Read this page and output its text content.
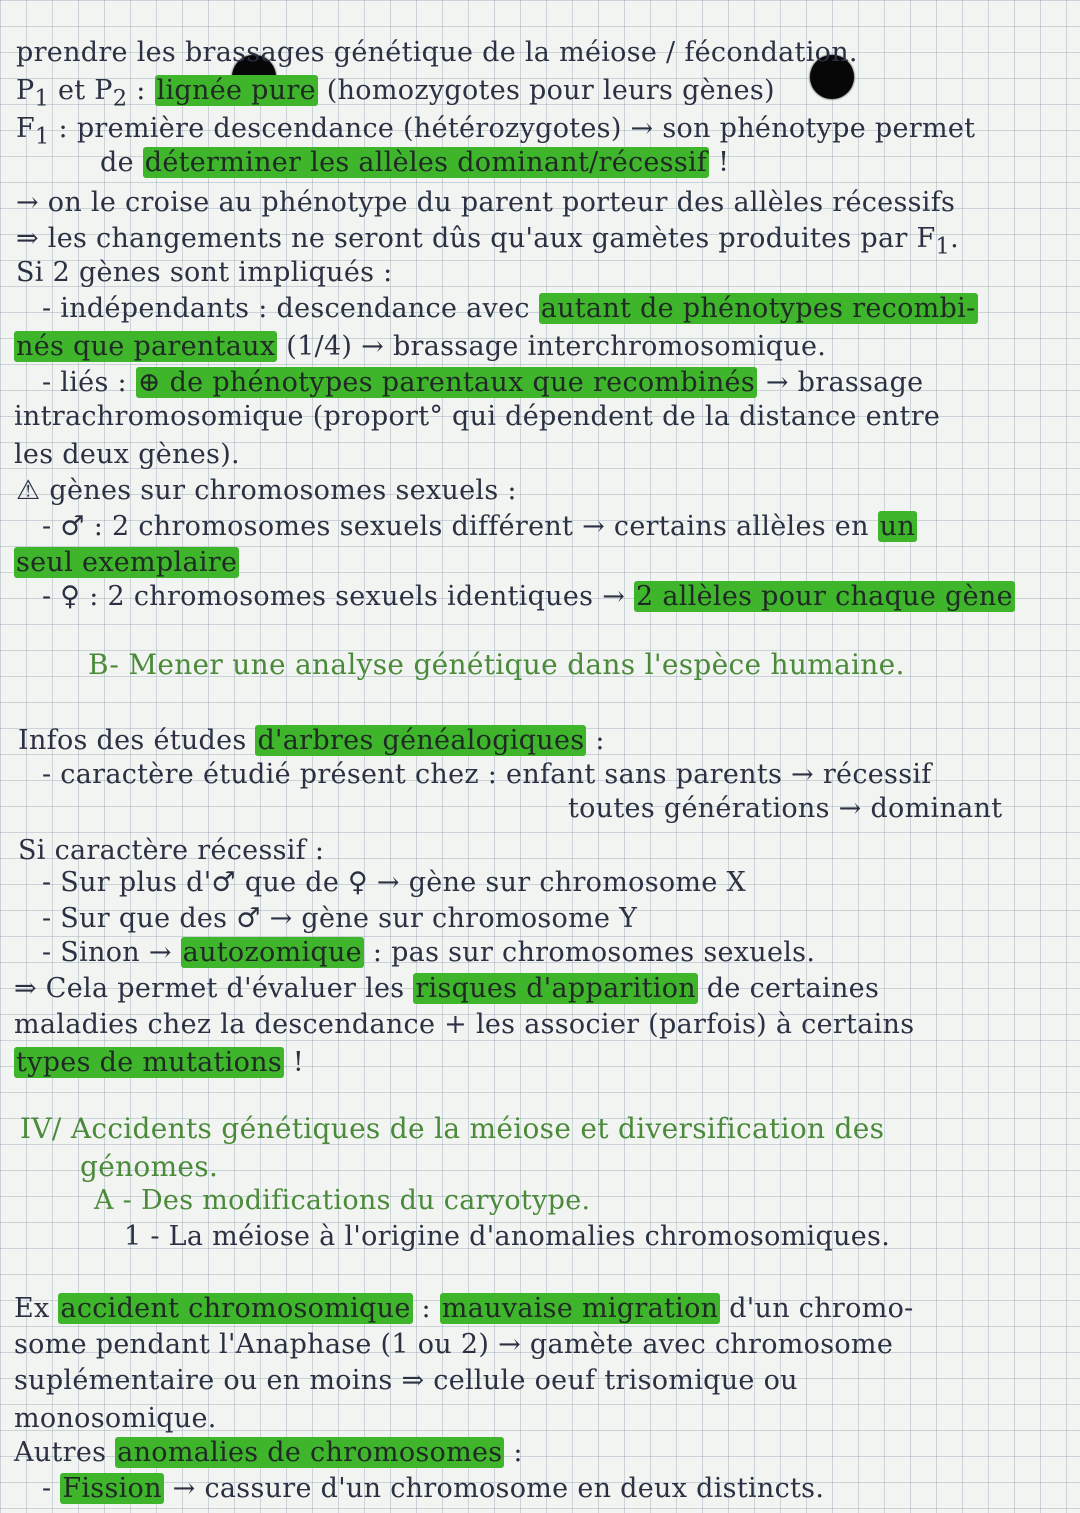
prendre les brassages génétique de la méiose / fécondation.
$P_1$ et $P_2$ : lignée pure (homozygotes pour leurs gènes)
$F_1$ : première descendance (hétérozygotes) → son phénotype permet
de déterminer les allèles dominant/récessif !
→ on le croise au phénotype du parent porteur des allèles récessifs
⇒ les changements ne seront dûs qu'aux gamètes produites par $F_1$.
Si 2 gènes sont impliqués :
- indépendants : descendance avec autant de phénotypes recombi-
nés que parentaux (1/4) → brassage interchromosomique.
- liés : ⊕ de phénotypes parentaux que recombinés → brassage
intrachromosomique (proport° qui dépendent de la distance entre
les deux gènes).
⚠ gènes sur chromosomes sexuels :
- ♂ : 2 chromosomes sexuels différent → certains allèles en un
seul exemplaire
- ♀ : 2 chromosomes sexuels identiques → 2 allèles pour chaque gène
B- Mener une analyse génétique dans l'espèce humaine.
Infos des études d'arbres généalogiques :
- caractère étudié présent chez : enfant sans parents → récessif
toutes générations → dominant
Si caractère récessif :
- Sur plus d'♂ que de ♀ → gène sur chromosome X
- Sur que des ♂ → gène sur chromosome Y
- Sinon → autozomique : pas sur chromosomes sexuels.
⇒ Cela permet d'évaluer les risques d'apparition de certaines
maladies chez la descendance + les associer (parfois) à certains
types de mutations !
IV/ Accidents génétiques de la méiose et diversification des
génomes.
A - Des modifications du caryotype.
1 - La méiose à l'origine d'anomalies chromosomiques.
Ex accident chromosomique : mauvaise migration d'un chromo-
some pendant l'Anaphase (1 ou 2) → gamète avec chromosome
suplémentaire ou en moins ⇒ cellule oeuf trisomique ou
monosomique.
Autres anomalies de chromosomes :
- Fission → cassure d'un chromosome en deux distincts.
